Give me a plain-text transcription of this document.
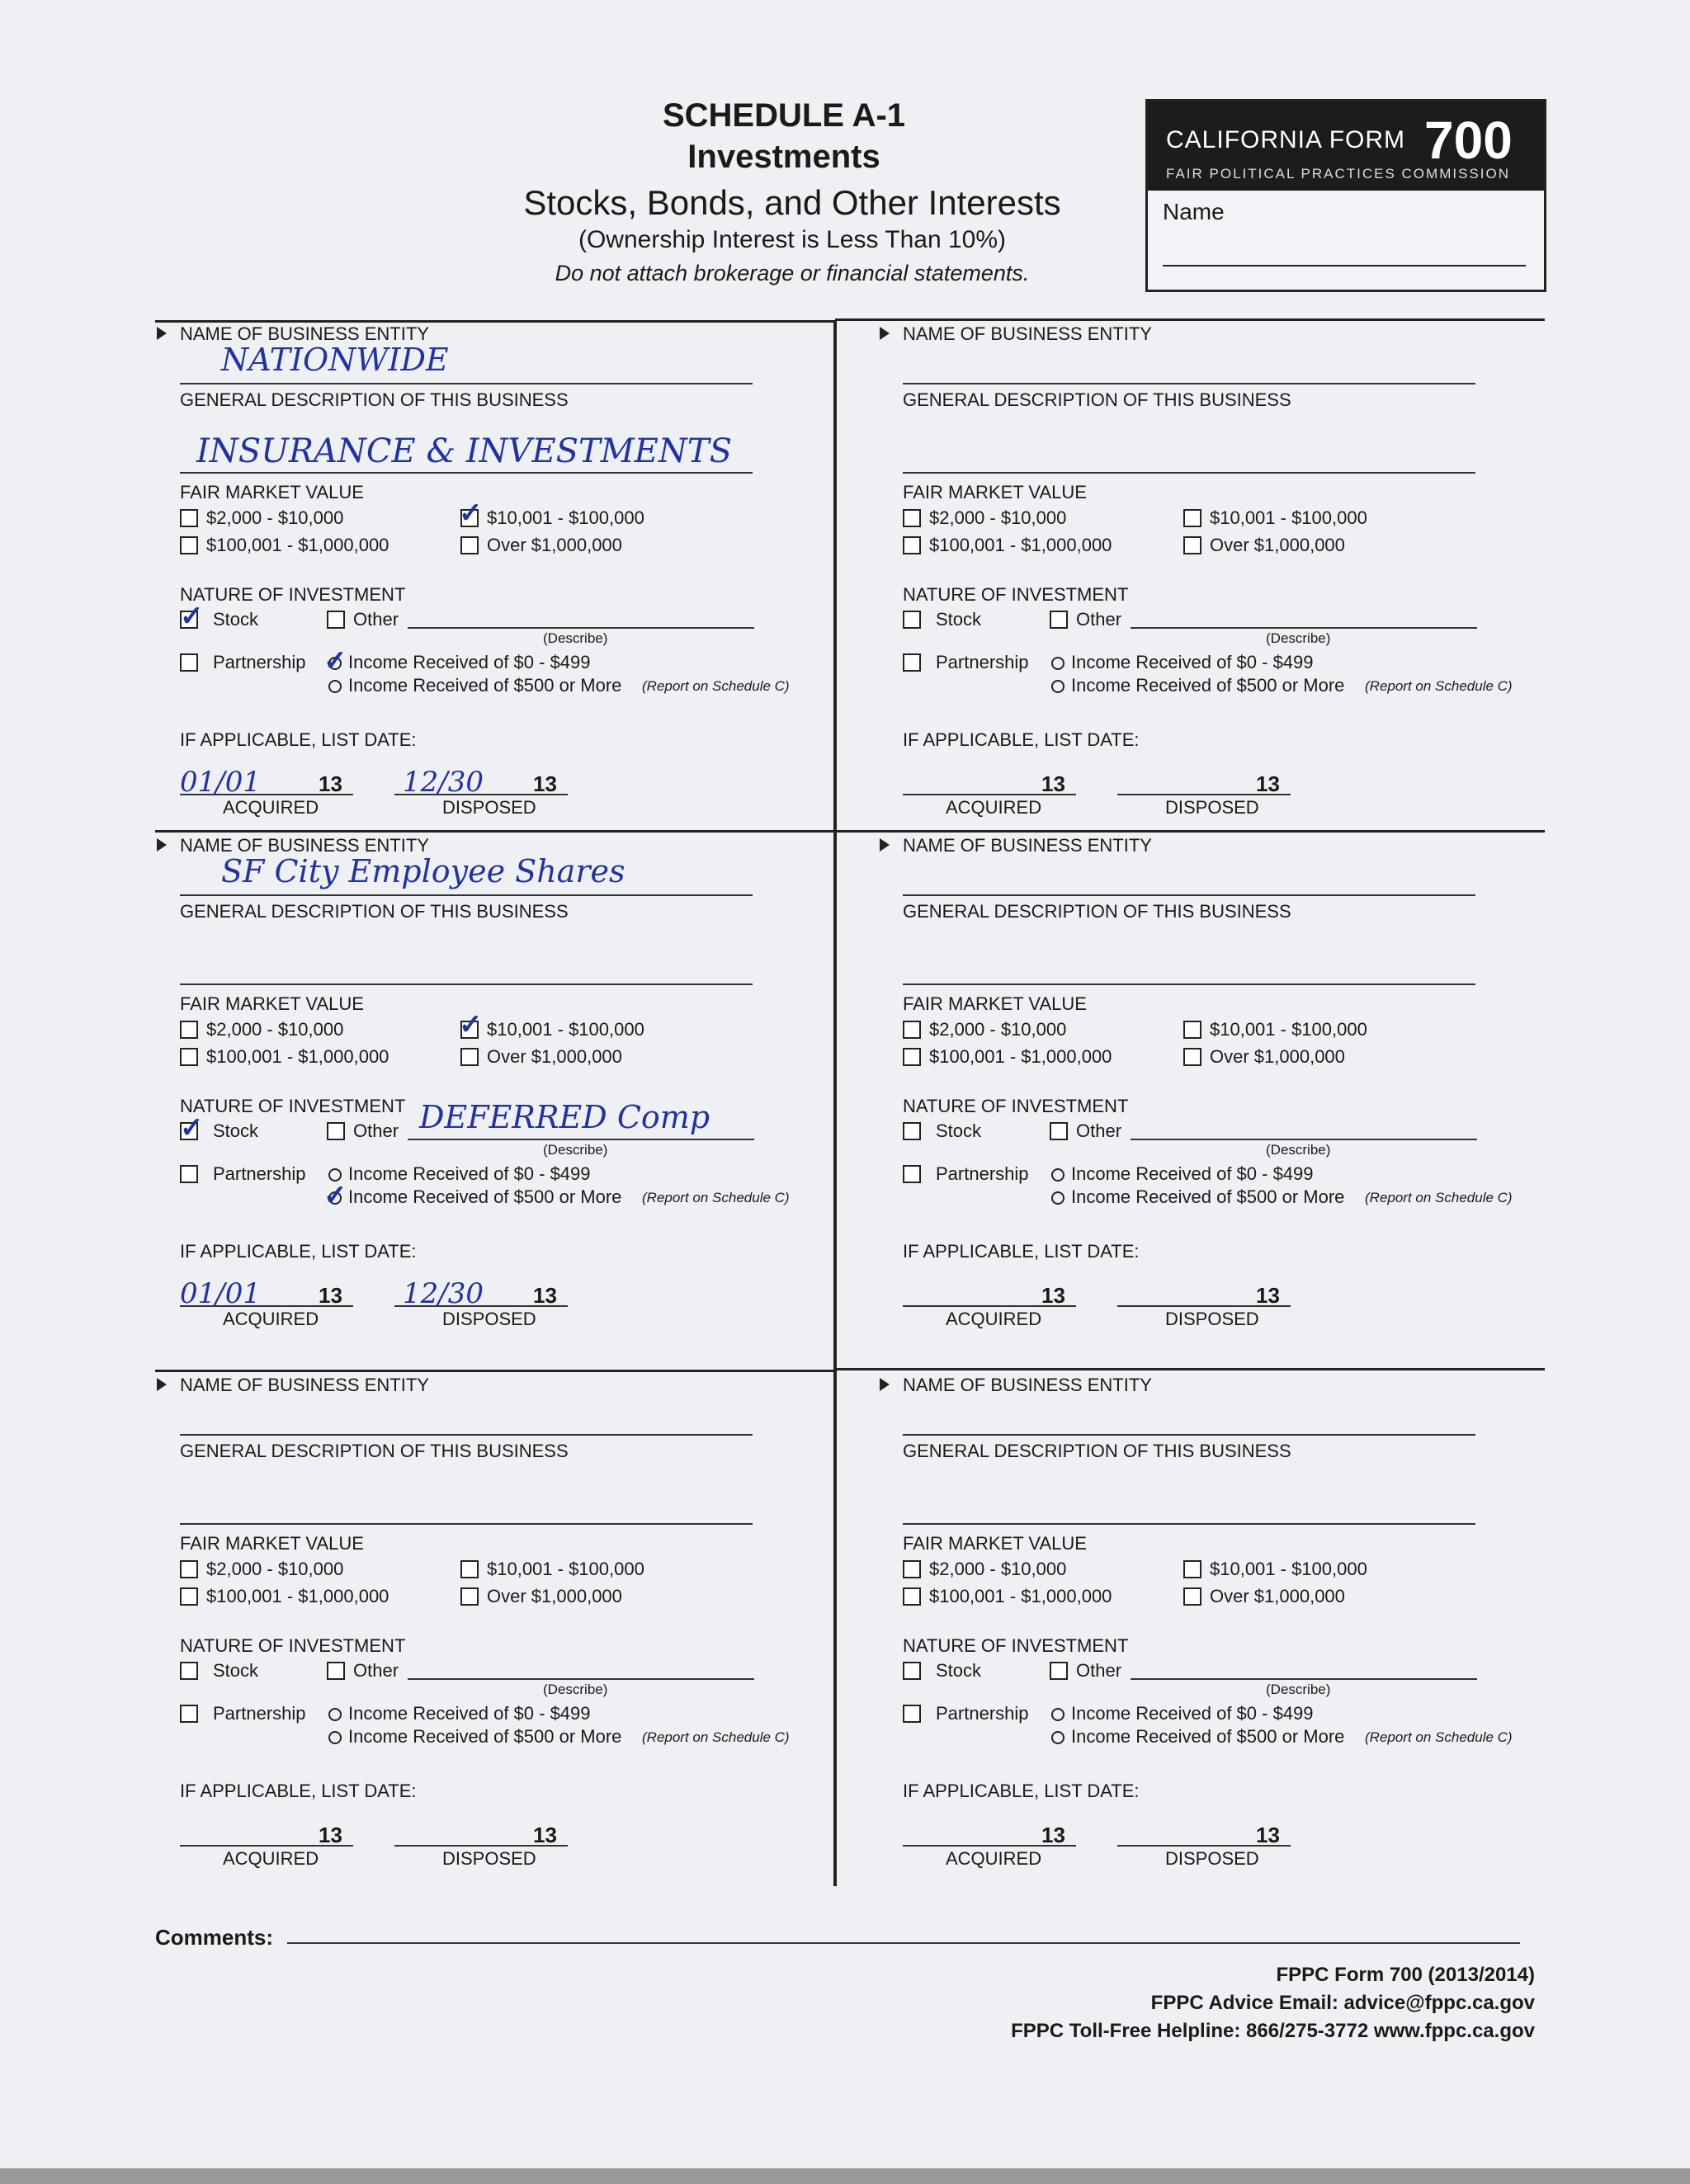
SCHEDULE A-1
Investments
Stocks, Bonds, and Other Interests
(Ownership Interest is Less Than 10%)
Do not attach brokerage or financial statements.
CALIFORNIA FORM 700
FAIR POLITICAL PRACTICES COMMISSION
Name
NAME OF BUSINESS ENTITY
NATIONWIDE
GENERAL DESCRIPTION OF THIS BUSINESS
INSURANCE & INVESTMENTS
FAIR MARKET VALUE
$2,000 - $10,000	$10,001 - $100,000
✓
$100,001 - $1,000,000	Over $1,000,000
NATURE OF INVESTMENT
✓ Stock	Other
(Describe)
Partnership ✓ Income Received of $0 - $499
Income Received of $500 or More (Report on Schedule C)
IF APPLICABLE, LIST DATE:
01/01	13
ACQUIRED
12/30 13
DISPOSED
NAME OF BUSINESS ENTITY
GENERAL DESCRIPTION OF THIS BUSINESS
FAIR MARKET VALUE
$2,000 - $10,000	$10,001 - $100,000
$100,001 - $1,000,000	Over $1,000,000
NATURE OF INVESTMENT
Stock	Other
(Describe)
Partnership Income Received of $0 - $499
Income Received of $500 or More (Report on Schedule C)
IF APPLICABLE, LIST DATE:
13
ACQUIRED
13
DISPOSED
NAME OF BUSINESS ENTITY
SF City Employee Shares
GENERAL DESCRIPTION OF THIS BUSINESS
FAIR MARKET VALUE
$2,000 - $10,000	$10,001 - $100,000
✓
$100,001 - $1,000,000	Over $1,000,000
NATURE OF INVESTMENT
✓ Stock	Other DEFERRED Comp
(Describe)
Partnership Income Received of $0 - $499
✓ Income Received of $500 or More (Report on Schedule C)
IF APPLICABLE, LIST DATE:
01/01	13
ACQUIRED
12/30 13
DISPOSED
NAME OF BUSINESS ENTITY
GENERAL DESCRIPTION OF THIS BUSINESS
FAIR MARKET VALUE
$2,000 - $10,000	$10,001 - $100,000
$100,001 - $1,000,000	Over $1,000,000
NATURE OF INVESTMENT
Stock	Other
(Describe)
Partnership Income Received of $0 - $499
Income Received of $500 or More (Report on Schedule C)
IF APPLICABLE, LIST DATE:
13
ACQUIRED
13
DISPOSED
NAME OF BUSINESS ENTITY
GENERAL DESCRIPTION OF THIS BUSINESS
FAIR MARKET VALUE
$2,000 - $10,000	$10,001 - $100,000
$100,001 - $1,000,000	Over $1,000,000
NATURE OF INVESTMENT
Stock	Other
(Describe)
Partnership Income Received of $0 - $499
Income Received of $500 or More (Report on Schedule C)
IF APPLICABLE, LIST DATE:
13
ACQUIRED
13
DISPOSED
NAME OF BUSINESS ENTITY
GENERAL DESCRIPTION OF THIS BUSINESS
FAIR MARKET VALUE
$2,000 - $10,000	$10,001 - $100,000
$100,001 - $1,000,000	Over $1,000,000
NATURE OF INVESTMENT
Stock	Other
(Describe)
Partnership Income Received of $0 - $499
Income Received of $500 or More (Report on Schedule C)
IF APPLICABLE, LIST DATE:
13
ACQUIRED
13
DISPOSED
Comments:
FPPC Form 700 (2013/2014)
FPPC Advice Email: advice@fppc.ca.gov
FPPC Toll-Free Helpline: 866/275-3772 www.fppc.ca.gov
